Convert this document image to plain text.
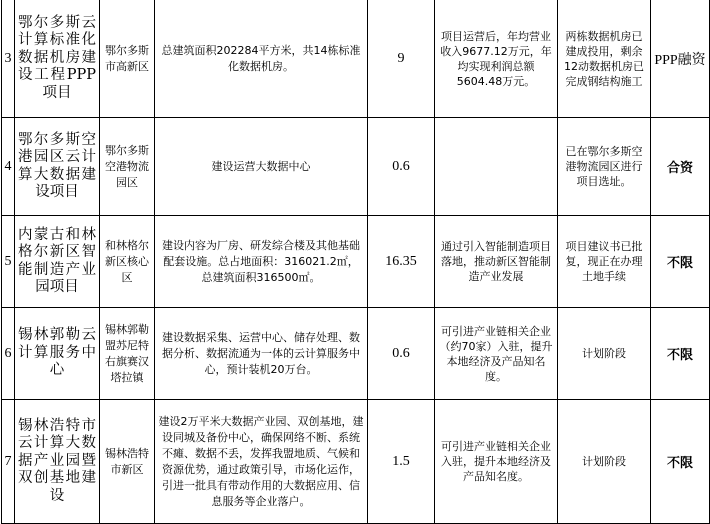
3	鄂尔多斯云计算标准化数据机房建设工程PPP项目	鄂尔多斯市高新区	总建筑面积202284平方米，共14栋标准化数据机房。	9	项目运营后，年均营业收入9677.12万元，年均实现利润总额5604.48万元。	两栋数据机房已建成投用，剩余12动数据机房已完成钢结构施工	PPP融资
4	鄂尔多斯空港园区云计算大数据建设项目	鄂尔多斯空港物流园区	建设运营大数据中心	0.6		已在鄂尔多斯空港物流园区进行项目选址。	合资
5	内蒙古和林格尔新区智能制造产业园项目	和林格尔新区核心区	建设内容为厂房、研发综合楼及其他基础配套设施。总占地面积：316021.2㎡，总建筑面积316500㎡。	16.35	通过引入智能制造项目落地，推动新区智能制造产业发展	项目建议书已批复，现正在办理土地手续	不限
6	锡林郭勒云计算服务中心	锡林郭勒盟苏尼特右旗赛汉塔拉镇	建设数据采集、运营中心、储存处理、数据分析、数据流通为一体的云计算服务中心，预计装机20万台。	0.6	可引进产业链相关企业（约70家）入驻，提升本地经济及产品知名度。	计划阶段	不限
7	锡林浩特市云计算大数据产业园暨双创基地建设	锡林浩特市新区	建设2万平米大数据产业园、双创基地，建设同城及备份中心，确保网络不断、系统不瘫、数据不丢，发挥我盟地质、气候和资源优势，通过政策引导，市场化运作，引进一批具有带动作用的大数据应用、信息服务等企业落户。	1.5	可引进产业链相关企业入驻，提升本地经济及产品知名度。	计划阶段	不限
